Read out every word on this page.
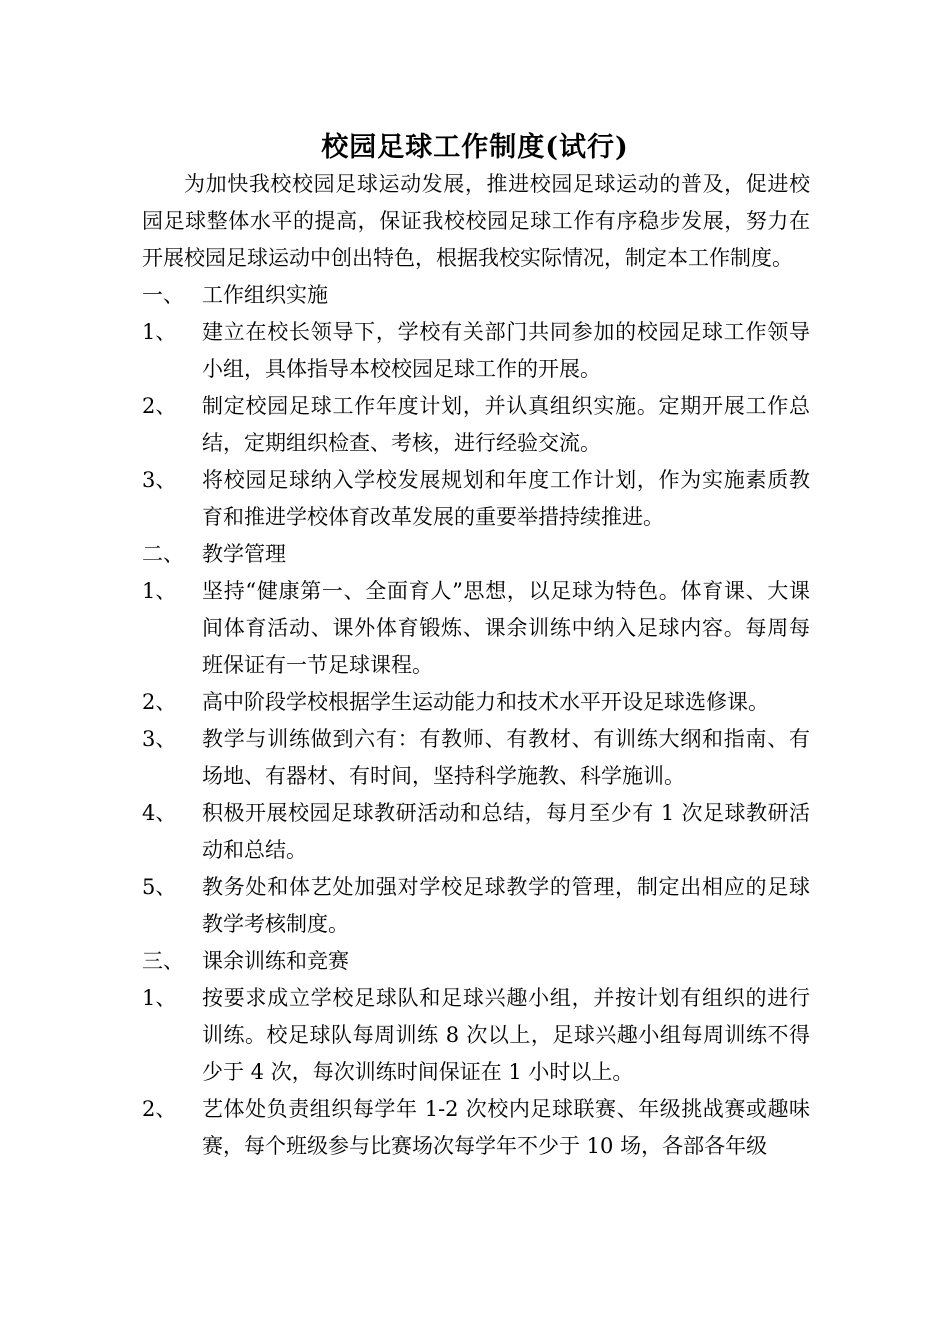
校园足球工作制度(试行)

为加快我校校园足球运动发展，推进校园足球运动的普及，促进校园足球整体水平的提高，保证我校校园足球工作有序稳步发展，努力在开展校园足球运动中创出特色，根据我校实际情况，制定本工作制度。

一、 工作组织实施
1、	建立在校长领导下，学校有关部门共同参加的校园足球工作领导小组，具体指导本校校园足球工作的开展。
2、	制定校园足球工作年度计划，并认真组织实施。定期开展工作总结，定期组织检查、考核，进行经验交流。
3、	将校园足球纳入学校发展规划和年度工作计划，作为实施素质教育和推进学校体育改革发展的重要举措持续推进。
二、 教学管理
1、	坚持“健康第一、全面育人”思想，以足球为特色。体育课、大课间体育活动、课外体育锻炼、课余训练中纳入足球内容。每周每班保证有一节足球课程。
2、	高中阶段学校根据学生运动能力和技术水平开设足球选修课。
3、	教学与训练做到六有：有教师、有教材、有训练大纲和指南、有场地、有器材、有时间，坚持科学施教、科学施训。
4、	积极开展校园足球教研活动和总结，每月至少有 1 次足球教研活动和总结。
5、	教务处和体艺处加强对学校足球教学的管理，制定出相应的足球教学考核制度。
三、 课余训练和竞赛
1、	按要求成立学校足球队和足球兴趣小组，并按计划有组织的进行训练。校足球队每周训练 8 次以上，足球兴趣小组每周训练不得少于 4 次，每次训练时间保证在 1 小时以上。
2、	艺体处负责组织每学年 1-2 次校内足球联赛、年级挑战赛或趣味赛，每个班级参与比赛场次每学年不少于 10 场，各部各年级
